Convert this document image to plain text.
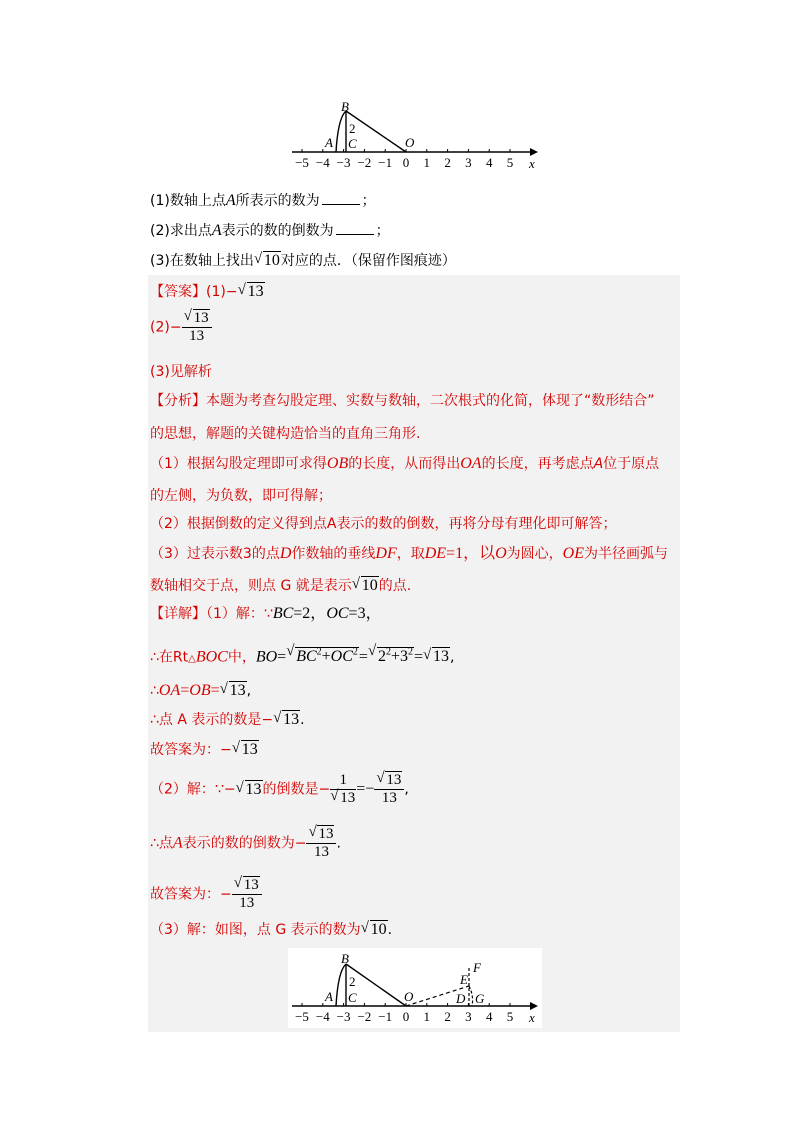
−5 −4 −3 −2 −1 0 1 2 3 4 5
B
A C
2
O
x
(1)数轴上点A所表示的数为	；
(2)求出点A表示的数的倒数为	；
(3)在数轴上找出 √ 10对应的点．（保留作图痕迹）
【答案】(1)− √ 13
$(2)- \frac{√ 13}{13}$
(3)见解析
【分析】本题为考查勾股定理、实数与数轴，二次根式的化简，体现了“数形结合”
的思想，解题的关键构造恰当的直角三角形.
（1）根据勾股定理即可求得OB的长度，从而得出OA的长度，再考虑点A位于原点
的左侧，为负数，即可得解；
（2）根据倒数的定义得到点A表示的数的倒数，再将分母有理化即可解答；
（3）过表示数3的点D作数轴的垂线DF，取DE=1，以O为圆心，OE为半径画弧与
数轴相交于点，则点 G 就是表示 √ 10的点.
【详解】（1）解：∵BC=2，OC=3，
∴在Rt△BOC中，BO= √ $BC^2+OC^2=$ √ $2^2+3^2=$ √ 13,
∴OA=OB= √ 13,
∴点 A 表示的数是− √ 13.
故答案为：− √ 13
（2）解：∵− √ 13的倒数是− $\frac{1}{√ 13} =- \frac{√ 13}{13}$ ,
∴点A表示的数的倒数为− $\frac{√ 13}{13}$ .
故答案为：− $\frac{√ 13}{13}$
（3）解：如图，点 G 表示的数为 √ 10.
−5 −4 −3 −2 −1 0 1 2 3 4 5
B
A C
2
O
E
F
D G
x
